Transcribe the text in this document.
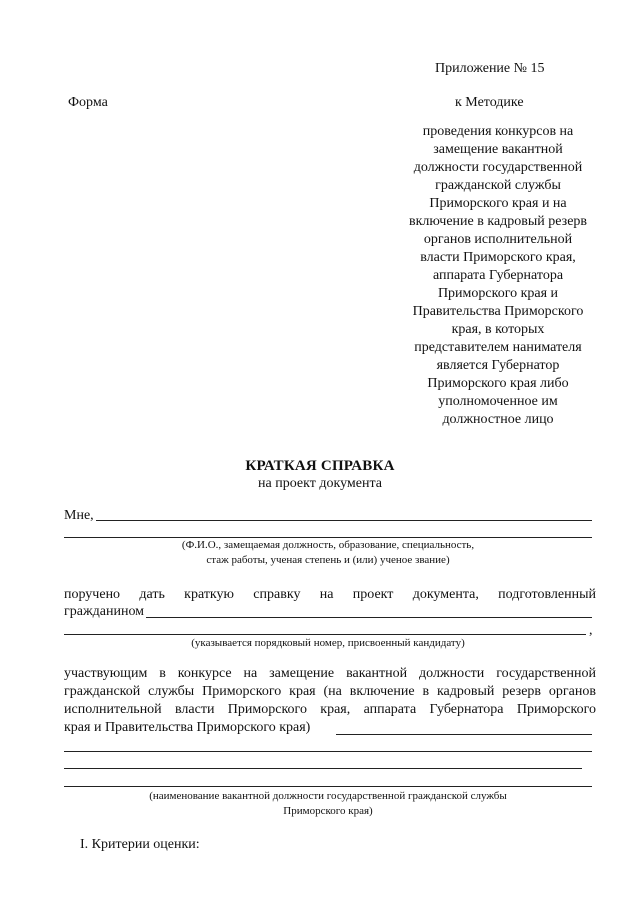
Приложение № 15
Форма	к Методике
проведения конкурсов на
замещение вакантной
должности государственной
гражданской службы
Приморского края и на
включение в кадровый резерв
органов исполнительной
власти Приморского края,
аппарата Губернатора
Приморского края и
Правительства Приморского
края, в которых
представителем нанимателя
является Губернатор
Приморского края либо
уполномоченное им
должностное лицо
КРАТКАЯ СПРАВКА
на проект документа
Мне,
(Ф.И.О., замещаемая должность, образование, специальность,
стаж работы, ученая степень и (или) ученое звание)
поручено дать краткую справку на проект документа, подготовленный
гражданином
,
(указывается порядковый номер, присвоенный кандидату)
участвующим в конкурсе на замещение вакантной должности государственной
гражданской службы Приморского края (на включение в кадровый резерв органов
исполнительной власти Приморского края, аппарата Губернатора Приморского
края и Правительства Приморского края)
(наименование вакантной должности государственной гражданской службы
Приморского края)
I. Критерии оценки:
